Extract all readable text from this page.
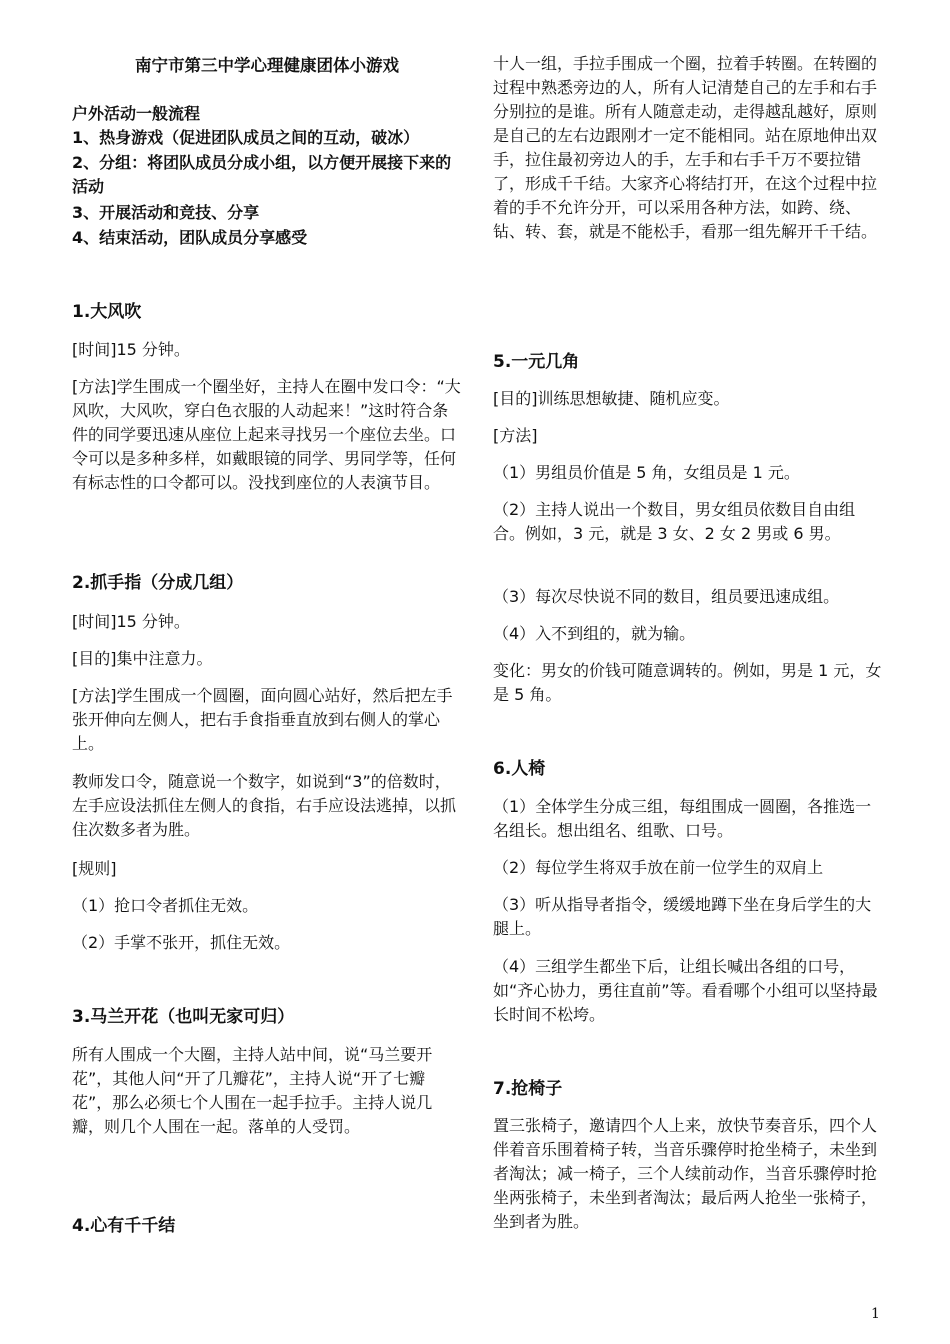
南宁市第三中学心理健康团体小游戏

户外活动一般流程

1、热身游戏（促进团队成员之间的互动，破冰）

2、分组：将团队成员分成小组，以方便开展接下来的活动

3、开展活动和竞技、分享

4、结束活动，团队成员分享感受

1.大风吹

[时间]15 分钟。

[方法]学生围成一个圈坐好，主持人在圈中发口令：“大风吹，大风吹，穿白色衣服的人动起来！”这时符合条件的同学要迅速从座位上起来寻找另一个座位去坐。口令可以是多种多样，如戴眼镜的同学、男同学等，任何有标志性的口令都可以。没找到座位的人表演节目。

2.抓手指（分成几组）

[时间]15 分钟。

[目的]集中注意力。

[方法]学生围成一个圆圈，面向圆心站好，然后把左手张开伸向左侧人，把右手食指垂直放到右侧人的掌心上。

教师发口令，随意说一个数字，如说到“3”的倍数时，左手应设法抓住左侧人的食指，右手应设法逃掉，以抓住次数多者为胜。

[规则]

（1）抢口令者抓住无效。

（2）手掌不张开，抓住无效。

3.马兰开花（也叫无家可归）

所有人围成一个大圈，主持人站中间，说“马兰要开花”，其他人问“开了几瓣花”，主持人说“开了七瓣花”，那么必须七个人围在一起手拉手。主持人说几瓣，则几个人围在一起。落单的人受罚。

4.心有千千结

十人一组，手拉手围成一个圈，拉着手转圈。在转圈的过程中熟悉旁边的人，所有人记清楚自己的左手和右手分别拉的是谁。所有人随意走动，走得越乱越好，原则是自己的左右边跟刚才一定不能相同。站在原地伸出双手，拉住最初旁边人的手，左手和右手千万不要拉错了，形成千千结。大家齐心将结打开，在这个过程中拉着的手不允许分开，可以采用各种方法，如跨、绕、钻、转、套，就是不能松手，看那一组先解开千千结。

5.一元几角

[目的]训练思想敏捷、随机应变。

[方法]

（1）男组员价值是 5 角，女组员是 1 元。

（2）主持人说出一个数目，男女组员依数目自由组合。例如，3 元，就是 3 女、2 女 2 男或 6 男。

（3）每次尽快说不同的数目，组员要迅速成组。

（4）入不到组的，就为输。

变化：男女的价钱可随意调转的。例如，男是 1 元，女是 5 角。

6.人椅

（1）全体学生分成三组，每组围成一圆圈，各推选一名组长。想出组名、组歌、口号。

（2）每位学生将双手放在前一位学生的双肩上

（3）听从指导者指令，缓缓地蹲下坐在身后学生的大腿上。

（4）三组学生都坐下后，让组长喊出各组的口号，如“齐心协力，勇往直前”等。看看哪个小组可以坚持最长时间不松垮。

7.抢椅子

置三张椅子，邀请四个人上来，放快节奏音乐，四个人伴着音乐围着椅子转，当音乐骤停时抢坐椅子，未坐到者淘汰；减一椅子，三个人续前动作，当音乐骤停时抢坐两张椅子，未坐到者淘汰；最后两人抢坐一张椅子，坐到者为胜。

1
